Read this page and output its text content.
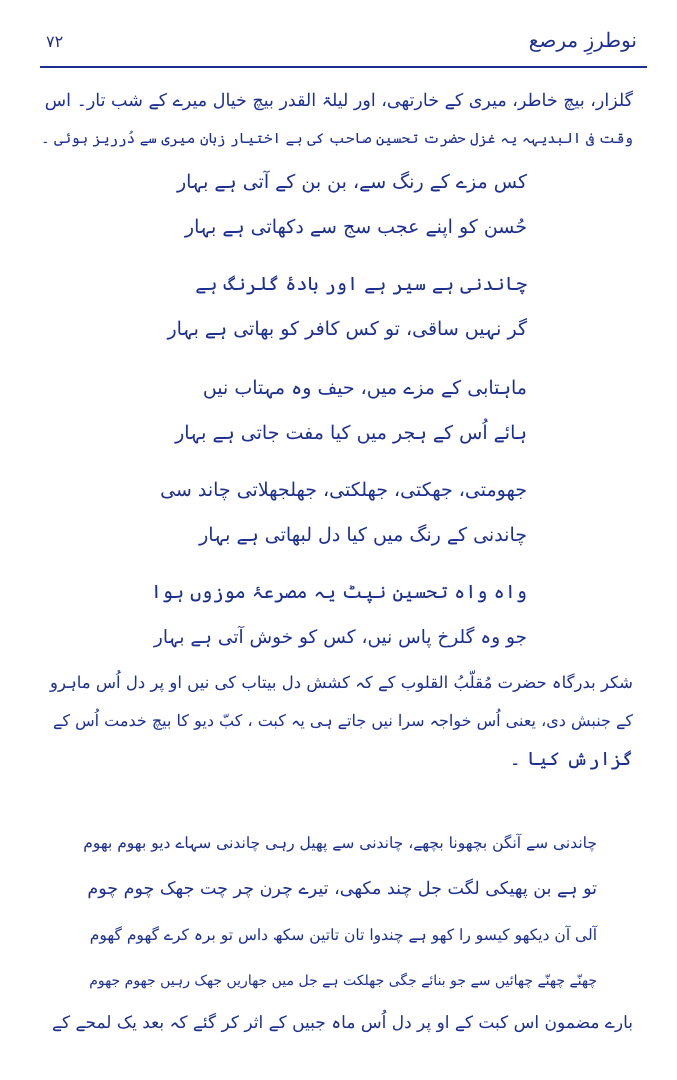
نوطرزِ مرصع
۷۲
گلزار، بیچ خاطر، میری کے خارتھی، اور لیلۃ القدر بیچ خیال میرے کے شب تار۔ اس
وقت فی البدیہہ یہ غزل حضرت تحسین صاحب کی بے اختیار زبان میری سے دُرریز ہوئی ۔
کس مزے کے رنگ سے، بن بن کے آتی ہے بہار
حُسن کو اپنے عجب سج سے دکھاتی ہے بہار
چاندنی ہے سیر ہے اور بادۂ گلرنگ ہے
گر نہیں ساقی، تو کس کافر کو بھاتی ہے بہار
ماہتابی کے مزے میں، حیف وہ مہتاب نیں
ہائے اُس کے ہجر میں کیا مفت جاتی ہے بہار
جھومتی، جھکتی، جھلکتی، جھلجھلاتی چاند سی
چاندنی کے رنگ میں کیا دل لبھاتی ہے بہار
واہ واہ تحسین نپٹ یہ مصرعۂ موزوں ہوا
جو وہ گلرخ پاس نیں، کس کو خوش آتی ہے بہار
شکر بدرگاہ حضرت مُقلّبُ القلوب کے کہ کشش دل بیتاب کی نیں او پر دل اُس ماہرو
کے جنبش دی، یعنی اُس خواجہ سرا نیں جاتے ہی یہ کبت ، کبّ دیو کا بیچ خدمت اُس کے
گزارش کیا ۔
چاندنی سے آنگن بچھونا بچھے، چاندنی سے پھیل رہی چاندنی سہاے دیو بھوم بھوم
تو ہے بن پھیکی لگت جل چند مکھی، تیرے چرن چر چت جھک چوم چوم
آلی آن دیکھو کیسو را کھو ہے چندوا تان تاتین سکھ داس تو برہ کرے گھوم گھوم
چھنّے چھنّے چھائیں سے جو بنائے جگی جھلکت ہے جل میں جھاریں جھک رہیں جھوم جھوم
بارے مضمون اس کبت کے او پر دل اُس ماہ جبیں کے اثر کر گئے کہ بعد یک لمحے کے
